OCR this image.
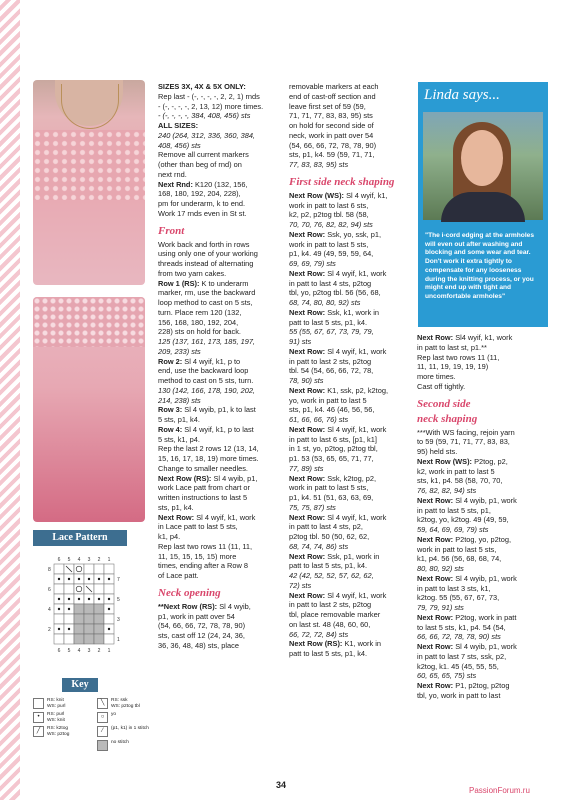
Lace Pattern
6
6
5
5
4
4
3
3
2
2
1
1
8
7
6
5
4
3
2
1
Key
RS: knit
WS: purl
╲	RS: ssk
WS: p2tog tbl
•	RS: purl
WS: knit
○	yo
╱	RS: k2tog
WS: p2tog
⁄	(p1, k1) in 1 stitch
no stitch

SIZES 3X, 4X & 5X ONLY:

Rep last - (-, -, -, -, 2, 2, 1) rnds

- (-, -, -, -, 2, 13, 12) more times.

- (-, -, -, -, 384, 408, 456) sts

ALL SIZES:

240 (264, 312, 336, 360, 384,

408, 456) sts

Remove all current markers

(other than beg of rnd) on

next rnd.

Next Rnd: K120 (132, 156,

168, 180, 192, 204, 228),

pm for underarm, k to end.

Work 17 rnds even in St st.

Front

Work back and forth in rows

using only one of your working

threads instead of alternating

from two yarn cakes.

Row 1 (RS): K to underarm

marker, rm, use the backward

loop method to cast on 5 sts,

turn. Place rem 120 (132,

156, 168, 180, 192, 204,

228) sts on hold for back.

125 (137, 161, 173, 185, 197,

209, 233) sts

Row 2: Sl 4 wyif, k1, p to

end, use the backward loop

method to cast on 5 sts, turn.

130 (142, 166, 178, 190, 202,

214, 238) sts

Row 3: Sl 4 wyib, p1, k to last

5 sts, p1, k4.

Row 4: Sl 4 wyif, k1, p to last

5 sts, k1, p4.

Rep the last 2 rows 12 (13, 14,

15, 16, 17, 18, 19) more times.

Change to smaller needles.

Next Row (RS): Sl 4 wyib, p1,

work Lace patt from chart or

written instructions to last 5

sts, p1, k4.

Next Row: Sl 4 wyif, k1, work

in Lace patt to last 5 sts,

k1, p4.

Rep last two rows 11 (11, 11,

11, 15, 15, 15, 15) more

times, ending after a Row 8

of Lace patt.

Neck opening

**Next Row (RS): Sl 4 wyib,

p1, work in patt over 54

(54, 66, 66, 72, 78, 78, 90)

sts, cast off 12 (24, 24, 36,

36, 36, 48, 48) sts, place

removable markers at each

end of cast-off section and

leave first set of 59 (59,

71, 71, 77, 83, 83, 95) sts

on hold for second side of

neck, work in patt over 54

(54, 66, 66, 72, 78, 78, 90)

sts, p1, k4. 59 (59, 71, 71,

77, 83, 83, 95) sts

First side neck shaping

Next Row (WS): Sl 4 wyif, k1,

work in patt to last 6 sts,

k2, p2, p2tog tbl. 58 (58,

70, 70, 76, 82, 82, 94) sts

Next Row: Ssk, yo, ssk, p1,

work in patt to last 5 sts,

p1, k4. 49 (49, 59, 59, 64,

69, 69, 79) sts

Next Row: Sl 4 wyif, k1, work

in patt to last 4 sts, p2tog

tbl, yo, p2tog tbl. 56 (56, 68,

68, 74, 80, 80, 92) sts

Next Row: Ssk, k1, work in

patt to last 5 sts, p1, k4.

55 (55, 67, 67, 73, 79, 79,

91) sts

Next Row: Sl 4 wyif, k1, work

in patt to last 2 sts, p2tog

tbl. 54 (54, 66, 66, 72, 78,

78, 90) sts

Next Row: K1, ssk, p2, k2tog,

yo, work in patt to last 5

sts, p1, k4. 46 (46, 56, 56,

61, 66, 66, 76) sts

Next Row: Sl 4 wyif, k1, work

in patt to last 6 sts, [p1, k1]

in 1 st, yo, p2tog, p2tog tbl,

p1. 53 (53, 65, 65, 71, 77,

77, 89) sts

Next Row: Ssk, k2tog, p2,

work in patt to last 5 sts,

p1, k4. 51 (51, 63, 63, 69,

75, 75, 87) sts

Next Row: Sl 4 wyif, k1, work

in patt to last 4 sts, p2,

p2tog tbl. 50 (50, 62, 62,

68, 74, 74, 86) sts

Next Row: Ssk, p1, work in

patt to last 5 sts, p1, k4.

42 (42, 52, 52, 57, 62, 62,

72) sts

Next Row: Sl 4 wyif, k1, work

in patt to last 2 sts, p2tog

tbl, place removable marker

on last st. 48 (48, 60, 60,

66, 72, 72, 84) sts

Next Row (RS): K1, work in

patt to last 5 sts, p1, k4.

Linda says...
"The i-cord edging at the armholes will even out after washing and blocking and some wear and tear. Don't work it extra tightly to compensate for any looseness during the knitting process, or you might end up with tight and uncomfortable armholes"

Next Row: Sl4 wyif, k1, work

in patt to last st, p1.**

Rep last two rows 11 (11,

11, 11, 19, 19, 19, 19)

more times.

Cast off tightly.

Second side

neck shaping

***With WS facing, rejoin yarn

to 59 (59, 71, 71, 77, 83, 83,

95) held sts.

Next Row (WS): P2tog, p2,

k2, work in patt to last 5

sts, k1, p4. 58 (58, 70, 70,

76, 82, 82, 94) sts

Next Row: Sl 4 wyib, p1, work

in patt to last 5 sts, p1,

k2tog, yo, k2tog. 49 (49, 59,

59, 64, 69, 69, 79) sts

Next Row: P2tog, yo, p2tog,

work in patt to last 5 sts,

k1, p4. 56 (56, 68, 68, 74,

80, 80, 92) sts

Next Row: Sl 4 wyib, p1, work

in patt to last 3 sts, k1,

k2tog. 55 (55, 67, 67, 73,

79, 79, 91) sts

Next Row: P2tog, work in patt

to last 5 sts, k1, p4. 54 (54,

66, 66, 72, 78, 78, 90) sts

Next Row: Sl 4 wyib, p1, work

in patt to last 7 sts, ssk, p2,

k2tog, k1. 45 (45, 55, 55,

60, 65, 65, 75) sts

Next Row: P1, p2tog, p2tog

tbl, yo, work in patt to last

34
PassionForum.ru
